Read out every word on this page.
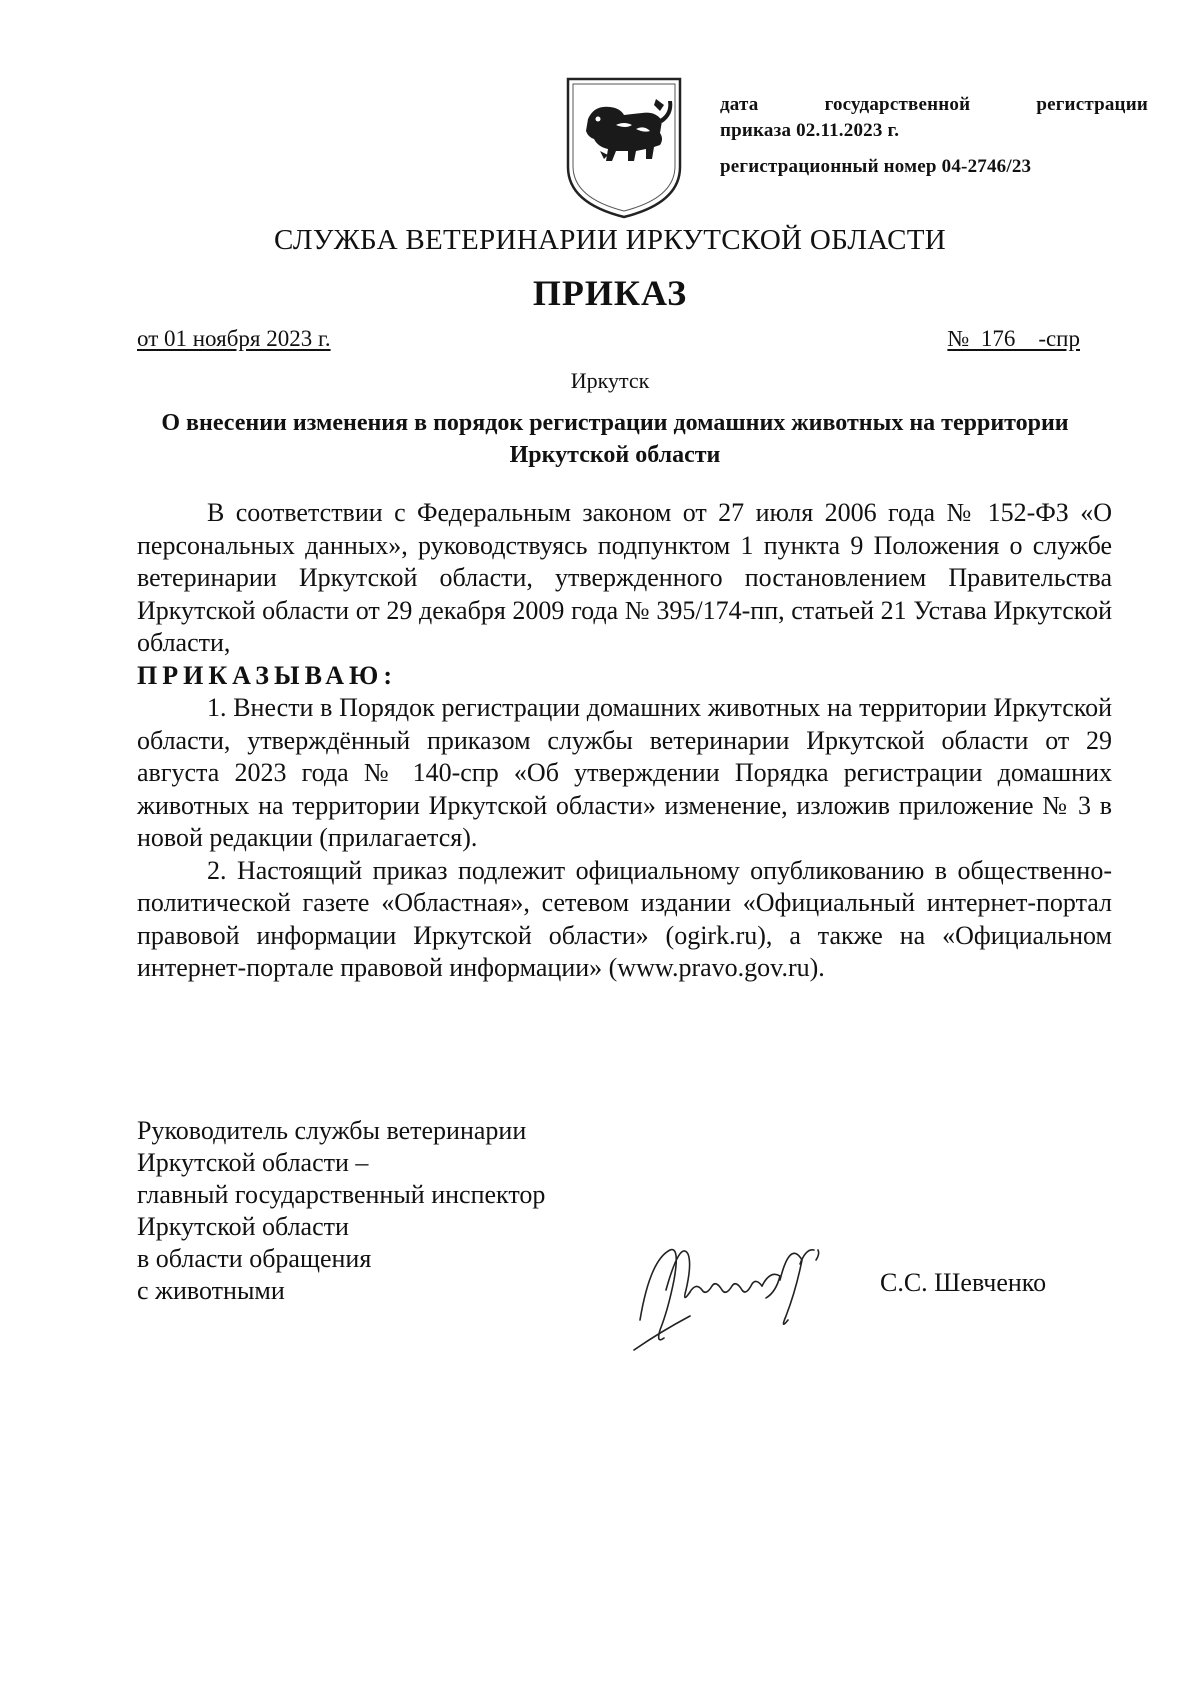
дата	государственной	регистрации
приказа 02.11.2023 г.
регистрационный номер 04-2746/23
СЛУЖБА ВЕТЕРИНАРИИ ИРКУТСКОЙ ОБЛАСТИ
ПРИКАЗ
от 01 ноября 2023 г.	№  176    -спр
Иркутск
О внесении изменения в порядок регистрации домашних животных на территории Иркутской области

В соответствии с Федеральным законом от 27 июля 2006 года № 152-ФЗ «О персональных данных», руководствуясь подпунктом 1 пункта 9 Положения о службе ветеринарии Иркутской области, утвержденного постановлением Правительства Иркутской области от 29 декабря 2009 года № 395/174-пп, статьей 21 Устава Иркутской области,

ПРИКАЗЫВАЮ:

1. Внести в Порядок регистрации домашних животных на территории Иркутской области, утверждённый приказом службы ветеринарии Иркутской области от 29 августа 2023 года № 140-спр «Об утверждении Порядка регистрации домашних животных на территории Иркутской области» изменение, изложив приложение № 3 в новой редакции (прилагается).

2. Настоящий приказ подлежит официальному опубликованию в общественно-политической газете «Областная», сетевом издании «Официальный интернет-портал правовой информации Иркутской области» (ogirk.ru), а также на «Официальном интернет-портале правовой информации» (www.pravo.gov.ru).

Руководитель службы ветеринарии
Иркутской области –
главный государственный инспектор
Иркутской области
в области обращения
с животными	С.С. Шевченко
